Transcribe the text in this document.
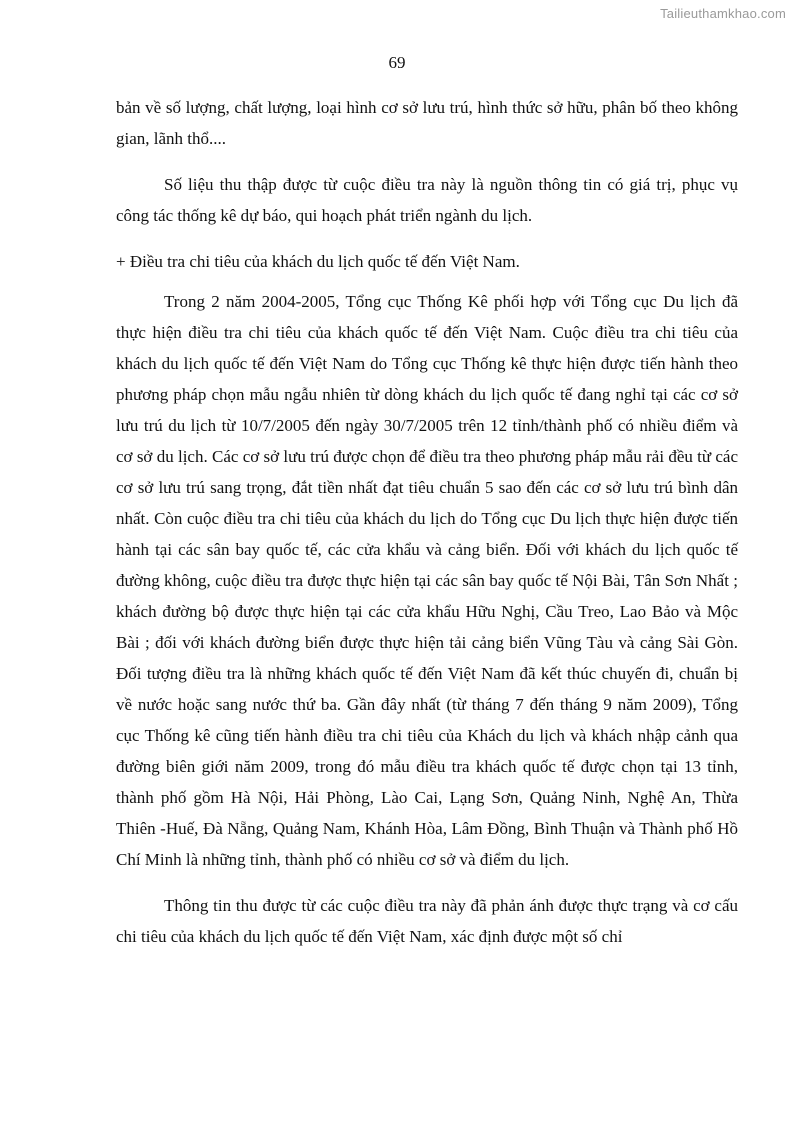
Tailieuthamkhao.com
69

bản về số lượng, chất lượng, loại hình cơ sở lưu trú, hình thức sở hữu, phân bố theo không gian, lãnh thổ....

Số liệu thu thập được từ cuộc điều tra này là nguồn thông tin có giá trị, phục vụ công tác thống kê dự báo, qui hoạch phát triển ngành du lịch.

+ Điều tra chi tiêu của khách du lịch quốc tế đến Việt Nam.

Trong 2 năm 2004-2005, Tổng cục Thống Kê phối hợp với Tổng cục Du lịch đã thực hiện điều tra chi tiêu của khách quốc tế đến Việt Nam. Cuộc điều tra chi tiêu của khách du lịch quốc tế đến Việt Nam do Tổng cục Thống kê thực hiện được tiến hành theo phương pháp chọn mẫu ngẫu nhiên từ dòng khách du lịch quốc tế đang nghỉ tại các cơ sở lưu trú du lịch từ 10/7/2005 đến ngày 30/7/2005 trên 12 tỉnh/thành phố có nhiều điểm và cơ sở du lịch. Các cơ sở lưu trú được chọn để điều tra theo phương pháp mẫu rải đều từ các cơ sở lưu trú sang trọng, đắt tiền nhất đạt tiêu chuẩn 5 sao đến các cơ sở lưu trú bình dân nhất. Còn cuộc điều tra chi tiêu của khách du lịch do Tổng cục Du lịch thực hiện được tiến hành tại các sân bay quốc tế, các cửa khẩu và cảng biển. Đối với khách du lịch quốc tế đường không, cuộc điều tra được thực hiện tại các sân bay quốc tế Nội Bài, Tân Sơn Nhất ; khách đường bộ được thực hiện tại các cửa khẩu Hữu Nghị, Cầu Treo, Lao Bảo và Mộc Bài ; đối với khách đường biển được thực hiện tải cảng biển Vũng Tàu và cảng Sài Gòn. Đối tượng điều tra là những khách quốc tế đến Việt Nam đã kết thúc chuyến đi, chuẩn bị về nước hoặc sang nước thứ ba. Gần đây nhất (từ tháng 7 đến tháng 9 năm 2009), Tổng cục Thống kê cũng tiến hành điều tra chi tiêu của Khách du lịch và khách nhập cảnh qua đường biên giới năm 2009, trong đó mẫu điều tra khách quốc tế được chọn tại 13 tỉnh, thành phố gồm Hà Nội, Hải Phòng, Lào Cai, Lạng Sơn, Quảng Ninh, Nghệ An, Thừa Thiên -Huế, Đà Nẵng, Quảng Nam, Khánh Hòa, Lâm Đồng, Bình Thuận và Thành phố Hồ Chí Minh là những tỉnh, thành phố có nhiều cơ sở và điểm du lịch.

Thông tin thu được từ các cuộc điều tra này đã phản ánh được thực trạng và cơ cấu chi tiêu của khách du lịch quốc tế đến Việt Nam, xác định được một số chỉ
